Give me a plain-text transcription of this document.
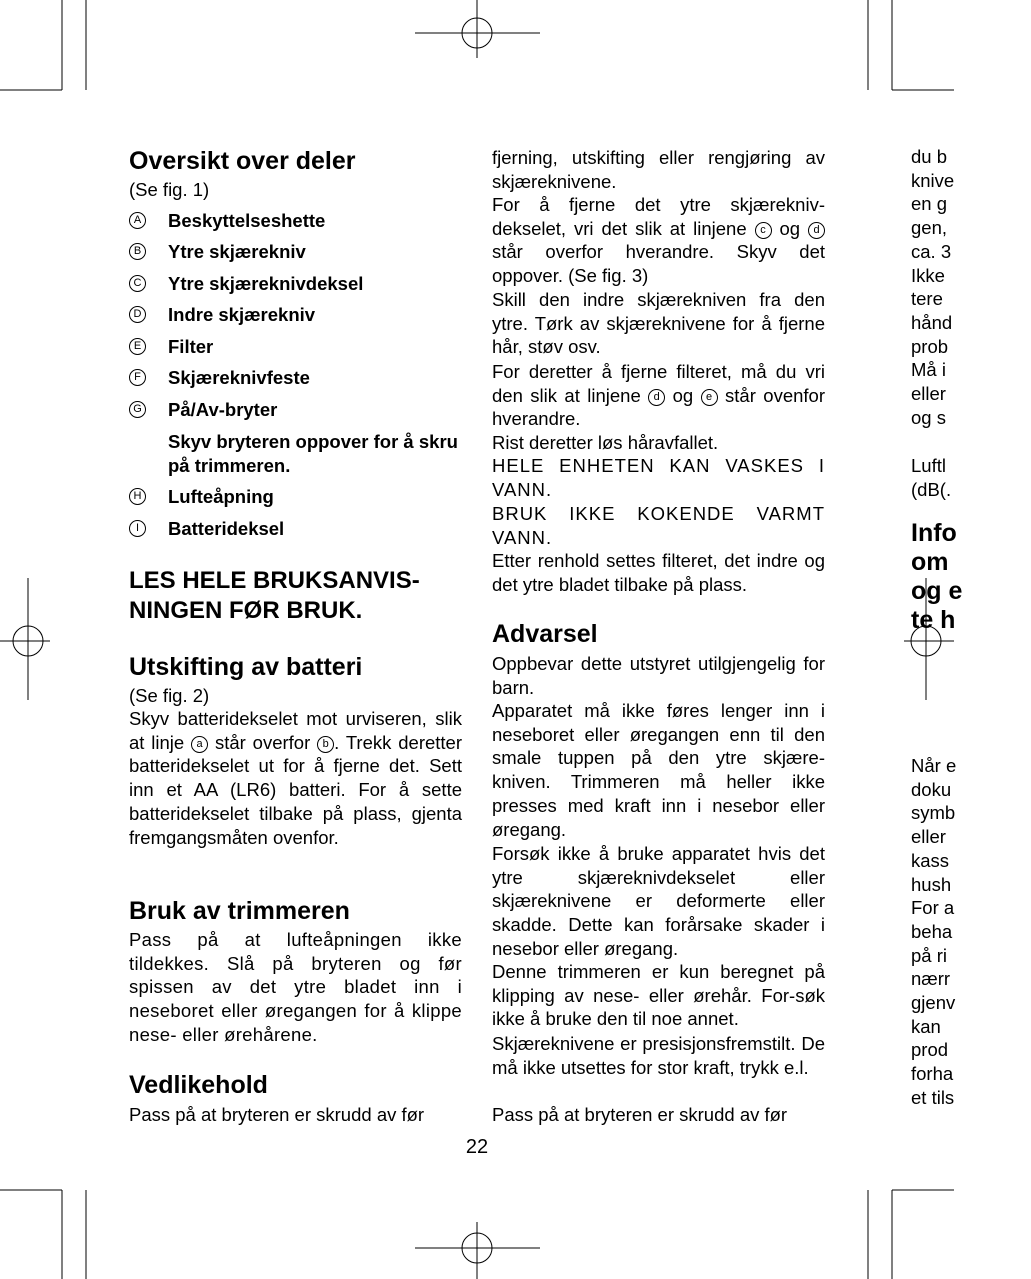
Oversikt over deler
(Se fig. 1)
A Beskyttelseshette
B Ytre skjærekniv
C Ytre skjæreknivdeksel
D Indre skjærekniv
E Filter
F Skjæreknivfeste
G På/Av-bryter
Skyv bryteren oppover for å skru på trimmeren.
H Lufteåpning
I	Batterideksel
LES HELE BRUKSANVIS-NINGEN FØR BRUK.
Utskifting av batteri
(Se fig. 2)
Skyv batteridekselet mot urviseren, slik at linje a står overfor b . Trekk deretter batteridekselet ut for å fjerne det. Sett inn et AA (LR6) batteri. For å sette batteridekselet tilbake på plass, gjenta fremgangsmåten ovenfor.
Bruk av trimmeren
Pass på at lufteåpningen ikke tildekkes. Slå på bryteren og før spissen av det ytre bladet inn i neseboret eller øregangen for å klippe nese- eller ørehårene.
Vedlikehold
Pass på at bryteren er skrudd av før
fjerning, utskifting eller rengjøring av skjæreknivene.
For å fjerne det ytre skjærekniv-dekselet, vri det slik at linjene c og d står overfor hverandre. Skyv det oppover. (Se fig. 3)
Skill den indre skjærekniven fra den ytre. Tørk av skjæreknivene for å fjerne hår, støv osv.
For deretter å fjerne filteret, må du vri den slik at linjene d og e står ovenfor hverandre.
Rist deretter løs håravfallet.
HELE ENHETEN KAN VASKES I VANN.
BRUK IKKE KOKENDE VARMT VANN.
Etter renhold settes filteret, det indre og det ytre bladet tilbake på plass.
Advarsel
Oppbevar dette utstyret utilgjengelig for barn.
Apparatet må ikke føres lenger inn i neseboret eller øregangen enn til den smale tuppen på den ytre skjære-kniven. Trimmeren må heller ikke presses med kraft inn i nesebor eller øregang.
Forsøk ikke å bruke apparatet hvis det ytre skjæreknivdekselet eller skjæreknivene er deformerte eller skadde. Dette kan forårsake skader i nesebor eller øregang.
Denne trimmeren er kun beregnet på klipping av nese- eller ørehår. For-søk ikke å bruke den til noe annet.
Skjæreknivene er presisjonsfremstilt. De må ikke utsettes for stor kraft, trykk e.l.
Pass på at bryteren er skrudd av før
du b
knive
en g
gen,
ca. 3
Ikke
tere
hånd
prob
Må i
eller
og s
Luftl
(dB(.
Info
om
og e
te h
Når e
doku
symb
eller
kass
hush
For a
beha
på ri
nærr
gjenv
kan
prod
forha
et tils
22
